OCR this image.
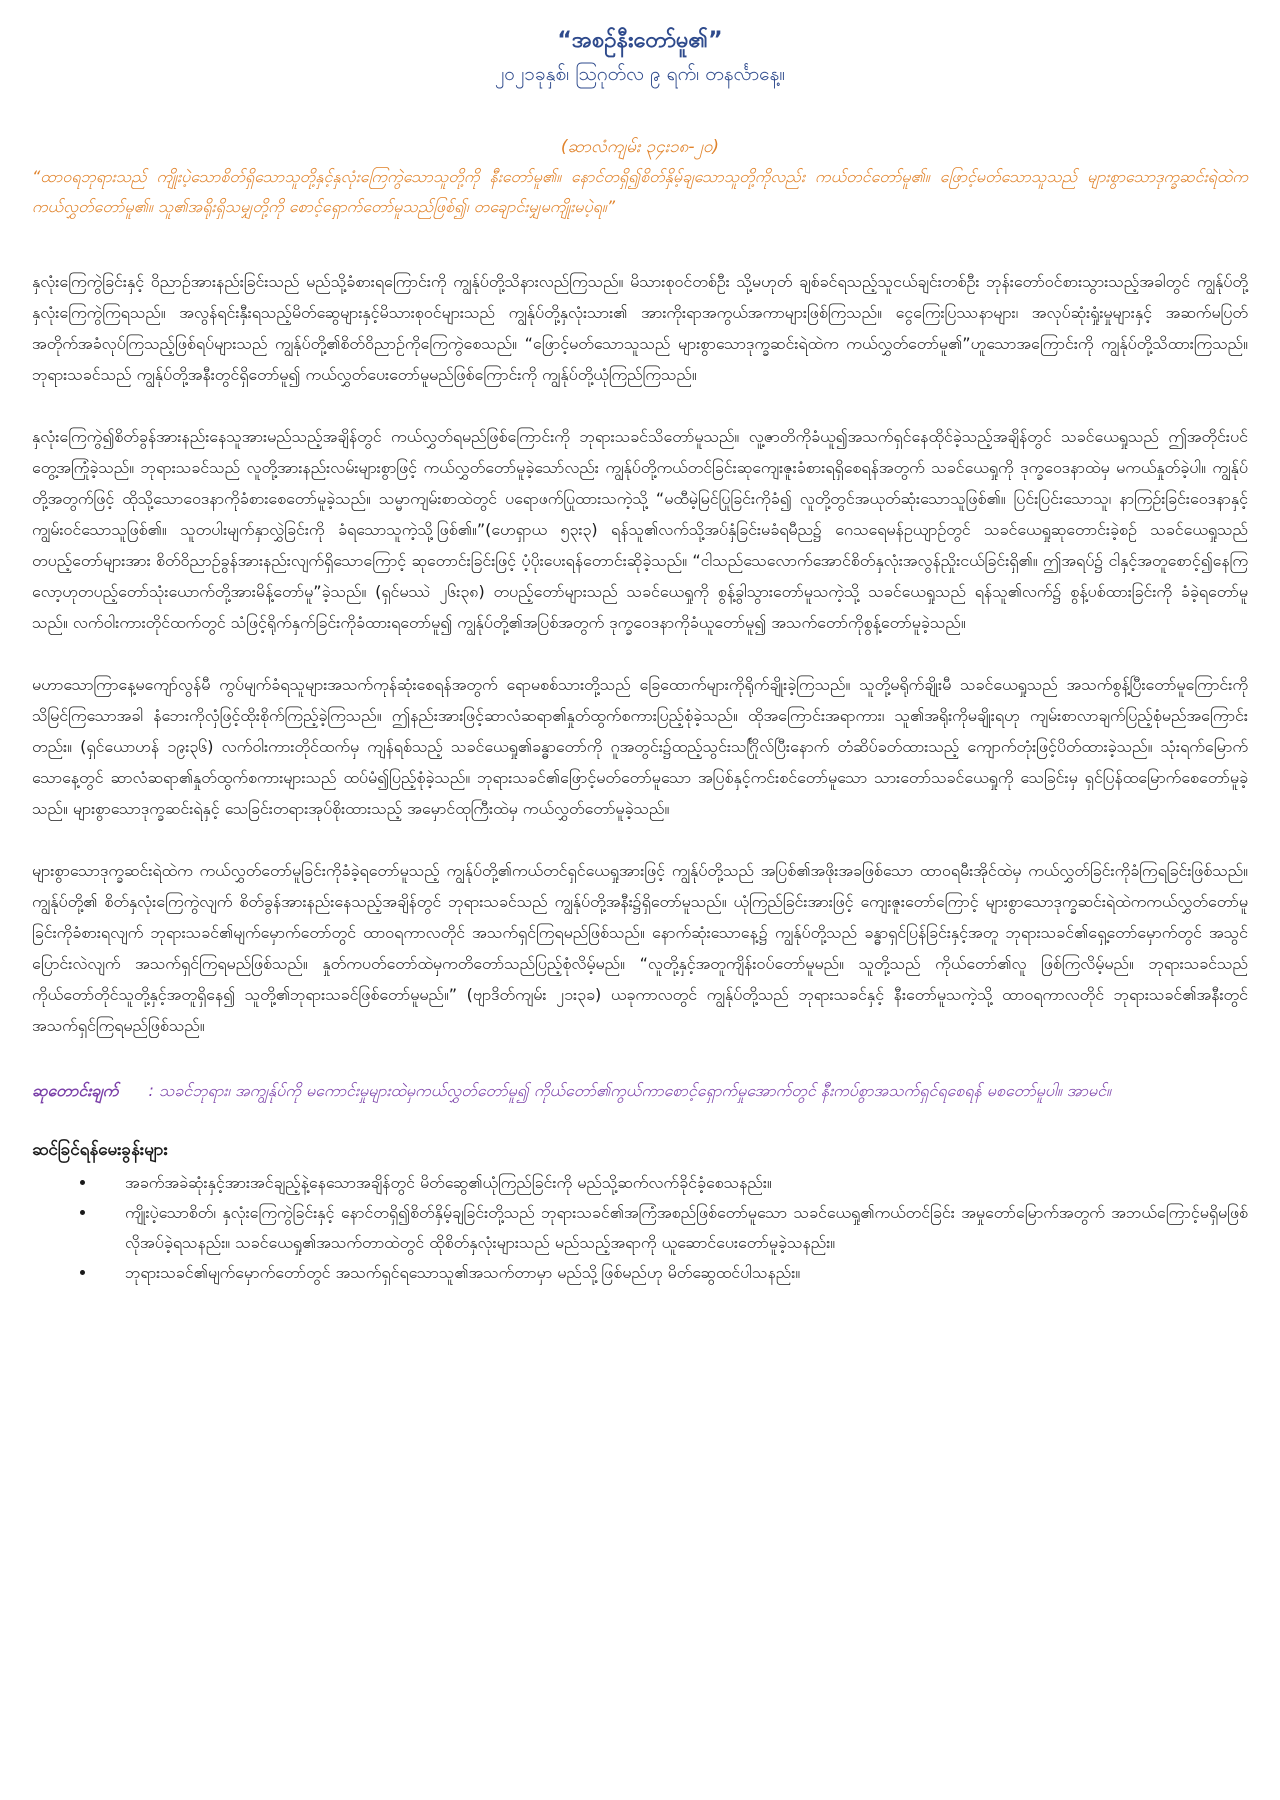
“အစဉ်နီးတော်မူ၏”

၂၀၂၁ခုနှစ်၊ ဩဂုတ်လ ၉ ရက်၊ တနင်္လာနေ့။

(ဆာလံကျမ်း ၃၄း၁၈-၂၀)

“ထာဝရဘုရားသည် ကျိုးပဲ့သောစိတ်ရှိသောသူတို့နှင့်နှလုံးကြေကွဲသောသူတို့ကို နီးတော်မူ၏။ နောင်တရှိ၍စိတ်နှိမ့်ချသောသူတို့ကိုလည်း ကယ်တင်တော်မူ၏။ ဖြောင့်မတ်သောသူသည် များစွာသောဒုက္ခဆင်းရဲထဲကကယ်လွှတ်တော်မူ၏။ သူ၏အရိုးရှိသမျှတို့ကို စောင့်ရှောက်တော်မူသည်ဖြစ်၍၊ တချောင်းမျှမကျိုးမပဲ့ရ။”

နှလုံးကြေကွဲခြင်းနှင့် ဝိညာဉ်အားနည်းခြင်းသည် မည်သို့ခံစားရကြောင်းကို ကျွန်ုပ်တို့သိနားလည်ကြသည်။ မိသားစုဝင်တစ်ဦး သို့မဟုတ် ချစ်ခင်ရသည့်သူငယ်ချင်းတစ်ဦး ဘုန်းတော်ဝင်စားသွားသည့်အခါတွင် ကျွန်ုပ်တို့နှလုံးကြေကွဲကြရသည်။ အလွန်ရင်းနှီးရသည့်မိတ်ဆွေများနှင့်မိသားစုဝင်များသည် ကျွန်ုပ်တို့နှလုံးသား၏ အားကိုးရာအကွယ်အကာများဖြစ်ကြသည်။ ငွေကြေးပြဿနာများ၊ အလုပ်ဆုံးရှုံးမှုများနှင့် အဆက်မပြတ်အတိုက်အခံလုပ်ကြသည့်ဖြစ်ရပ်များသည် ကျွန်ုပ်တို့၏စိတ်ဝိညာဉ်ကိုကြေကွဲစေသည်။ “ဖြောင့်မတ်သောသူသည် များစွာသောဒုက္ခဆင်းရဲထဲက ကယ်လွှတ်တော်မူ၏”ဟူသောအကြောင်းကို ကျွန်ုပ်တို့သိထားကြသည်။ ဘုရားသခင်သည် ကျွန်ုပ်တို့အနီးတွင်ရှိတော်မူ၍ ကယ်လွှတ်ပေးတော်မူမည်ဖြစ်ကြောင်းကို ကျွန်ုပ်တို့ယုံကြည်ကြသည်။

နှလုံးကြေကွဲ၍စိတ်ခွန်အားနည်းနေသူအားမည်သည့်အချိန်တွင် ကယ်လွှတ်ရမည်ဖြစ်ကြောင်းကို ဘုရားသခင်သိတော်မူသည်။ လူ့ဇာတိကိုခံယူ၍အသက်ရှင်နေထိုင်ခဲ့သည့်အချိန်တွင် သခင်ယေရှုသည် ဤအတိုင်းပင်တွေ့အကြုံခဲ့သည်။ ဘုရားသခင်သည် လူတို့အားနည်းလမ်းများစွာဖြင့် ကယ်လွှတ်တော်မူခဲ့သော်လည်း ကျွန်ုပ်တို့ကယ်တင်ခြင်းဆုကျေးဇူးခံစားရရှိစေရန်အတွက် သခင်ယေရှုကို ဒုက္ခဝေဒနာထဲမှ မကယ်နှုတ်ခဲ့ပါ။ ကျွန်ုပ်တို့အတွက်ဖြင့် ထိုသို့သောဝေဒနာကိုခံစားစေတော်မူခဲ့သည်။ သမ္မာကျမ်းစာထဲတွင် ပရောဖက်ပြုထားသကဲ့သို့ “မထီမဲ့မြင်ပြုခြင်းကိုခံ၍ လူတို့တွင်အယုတ်ဆုံးသောသူဖြစ်၏။ ပြင်းပြင်းသောသူ၊ နာကြဉ်းခြင်းဝေဒနာနှင့်ကျွမ်းဝင်သောသူဖြစ်၏။ သူတပါးမျက်နှာလွှဲခြင်းကို ခံရသောသူကဲ့သို့ဖြစ်၏။”(ဟေရှာယ ၅၃း၃) ရန်သူ၏လက်သို့အပ်နှံခြင်းမခံရမီည၌ ဂေသရေမန်ဥယျာဉ်တွင် သခင်ယေရှုဆုတောင်းခဲ့စဉ် သခင်ယေရှုသည် တပည့်တော်များအား စိတ်ဝိညာဉ်ခွန်အားနည်းလျက်ရှိသောကြောင့် ဆုတောင်းခြင်းဖြင့် ပံ့ပိုးပေးရန်တောင်းဆိုခဲ့သည်။ “ငါသည်သေလောက်အောင်စိတ်နှလုံးအလွန်ညှိုးငယ်ခြင်းရှိ၏။ ဤအရပ်၌ ငါနှင့်အတူစောင့်၍နေကြလော့ဟုတပည့်တော်သုံးယောက်တို့အားမိန့်တော်မူ”ခဲ့သည်။ (ရှင်မဿဲ ၂၆း၃၈) တပည့်တော်များသည် သခင်ယေရှုကို စွန့်ခွါသွားတော်မူသကဲ့သို့ သခင်ယေရှုသည် ရန်သူ၏လက်၌ စွန့်ပစ်ထားခြင်းကို ခံခဲ့ရတော်မူသည်။ လက်ဝါးကားတိုင်ထက်တွင် သံဖြင့်ရိုက်နှက်ခြင်းကိုခံထားရတော်မူ၍ ကျွန်ုပ်တို့၏အပြစ်အတွက် ဒုက္ခဝေဒနာကိုခံယူတော်မူ၍ အသက်တော်ကိုစွန့်တော်မူခဲ့သည်။

မဟာသောကြာနေ့မကျော်လွန်မီ ကွပ်မျက်ခံရသူများအသက်ကုန်ဆုံးစေရန်အတွက် ရောမစစ်သားတို့သည် ခြေထောက်များကိုရိုက်ချိုးခဲ့ကြသည်။ သူတို့မရိုက်ချိုးမီ သခင်ယေရှုသည် အသက်စွန့်ပြီးတော်မူကြောင်းကို သိမြင်ကြသောအခါ နံဘေးကိုလှံဖြင့်ထိုးစိုက်ကြည့်ခဲ့ကြသည်။ ဤနည်းအားဖြင့်ဆာလံဆရာ၏နှုတ်ထွက်စကားပြည့်စုံခဲ့သည်။ ထိုအကြောင်းအရာကား၊ သူ၏အရိုးကိုမချိုးရဟု ကျမ်းစာလာချက်ပြည့်စုံမည်အကြောင်းတည်း။ (ရှင်ယောဟန် ၁၉း၃၆) လက်ဝါးကားတိုင်ထက်မှ ကျန်ရစ်သည့် သခင်ယေရှု၏ခန္ဓာတော်ကို ဂူအတွင်း၌ထည့်သွင်းသင်္ဂြိုလ်ပြီးနောက် တံဆိပ်ခတ်ထားသည့် ကျောက်တုံးဖြင့်ပိတ်ထားခဲ့သည်။ သုံးရက်မြောက်သောနေ့တွင် ဆာလံဆရာ၏နှုတ်ထွက်စကားများသည် ထပ်မံ၍ပြည့်စုံခဲ့သည်။ ဘုရားသခင်၏ဖြောင့်မတ်တော်မူသော အပြစ်နှင့်ကင်းစင်တော်မူသော သားတော်သခင်ယေရှုကို သေခြင်းမှ ရှင်ပြန်ထမြောက်စေတော်မူခဲ့သည်။ များစွာသောဒုက္ခဆင်းရဲနှင့် သေခြင်းတရားအုပ်စိုးထားသည့် အမှောင်ထုကြီးထဲမှ ကယ်လွှတ်တော်မူခဲ့သည်။

များစွာသောဒုက္ခဆင်းရဲထဲက ကယ်လွှတ်တော်မူခြင်းကိုခံခဲ့ရတော်မူသည့် ကျွန်ုပ်တို့၏ကယ်တင်ရှင်ယေရှုအားဖြင့် ကျွန်ုပ်တို့သည် အပြစ်၏အဖိုးအခဖြစ်သော ထာဝရမီးအိုင်ထဲမှ ကယ်လွှတ်ခြင်းကိုခံကြရခြင်းဖြစ်သည်။ ကျွန်ုပ်တို့၏ စိတ်နှလုံးကြေကွဲလျက် စိတ်ခွန်အားနည်းနေသည့်အချိန်တွင် ဘုရားသခင်သည် ကျွန်ုပ်တို့အနီး၌ရှိတော်မူသည်။ ယုံကြည်ခြင်းအားဖြင့် ကျေးဇူးတော်ကြောင့် များစွာသောဒုက္ခဆင်းရဲထဲကကယ်လွှတ်တော်မူခြင်းကိုခံစားရလျက် ဘုရားသခင်၏မျက်မှောက်တော်တွင် ထာဝရကာလတိုင် အသက်ရှင်ကြရမည်ဖြစ်သည်။ နောက်ဆုံးသောနေ့၌ ကျွန်ုပ်တို့သည် ခန္ဓာရှင်ပြန်ခြင်းနှင့်အတူ ဘုရားသခင်၏ရှေ့တော်မှောက်တွင် အသွင်ပြောင်းလဲလျက် အသက်ရှင်ကြရမည်ဖြစ်သည်။ နှုတ်ကပတ်တော်ထဲမှကတိတော်သည်ပြည့်စုံလိမ့်မည်။ “လူတို့နှင့်အတူကျိန်းဝပ်တော်မူမည်။ သူတို့သည် ကိုယ်တော်၏လူ ဖြစ်ကြလိမ့်မည်။ ဘုရားသခင်သည် ကိုယ်တော်တိုင်သူတို့နှင့်အတူရှိနေ၍ သူတို့၏ဘုရားသခင်ဖြစ်တော်မူမည်။” (ဗျာဒိတ်ကျမ်း ၂၁း၃ခ) ယခုကာလတွင် ကျွန်ုပ်တို့သည် ဘုရားသခင်နှင့် နီးတော်မူသကဲ့သို့ ထာဝရကာလတိုင် ဘုရားသခင်၏အနီးတွင် အသက်ရှင်ကြရမည်ဖြစ်သည်။

ဆုတောင်းချက် : သခင်ဘုရား၊ အကျွန်ုပ်ကို မကောင်းမှုများထဲမှကယ်လွှတ်တော်မူ၍ ကိုယ်တော်၏ကွယ်ကာစောင့်ရှောက်မှုအောက်တွင် နီးကပ်စွာအသက်ရှင်ရစေရန် မစတော်မူပါ။ အာမင်။

ဆင်ခြင်ရန်မေးခွန်းများ
• အခက်အခဲဆုံးနှင့်အားအင်ချည့်နဲ့နေသောအချိန်တွင် မိတ်ဆွေ၏ယုံကြည်ခြင်းကို မည်သို့ဆက်လက်ခိုင်ခံ့စေသနည်း။
• ကျိုးပဲ့သောစိတ်၊ နှလုံးကြေကွဲခြင်းနှင့် နောင်တရှိ၍စိတ်နှိမ့်ချခြင်းတို့သည် ဘုရားသခင်၏အကြံအစည်ဖြစ်တော်မူသော သခင်ယေရှု၏ကယ်တင်ခြင်း အမှုတော်မြောက်အတွက် အဘယ်ကြောင့်မရှိမဖြစ်လိုအပ်ခဲ့ရသနည်း။ သခင်ယေရှု၏အသက်တာထဲတွင် ထိုစိတ်နှလုံးများသည် မည်သည့်အရာကို ယူဆောင်ပေးတော်မူခဲ့သနည်း။
• ဘုရားသခင်၏မျက်မှောက်တော်တွင် အသက်ရှင်ရသောသူ၏အသက်တာမှာ မည်သို့ဖြစ်မည်ဟု မိတ်ဆွေထင်ပါသနည်း။
